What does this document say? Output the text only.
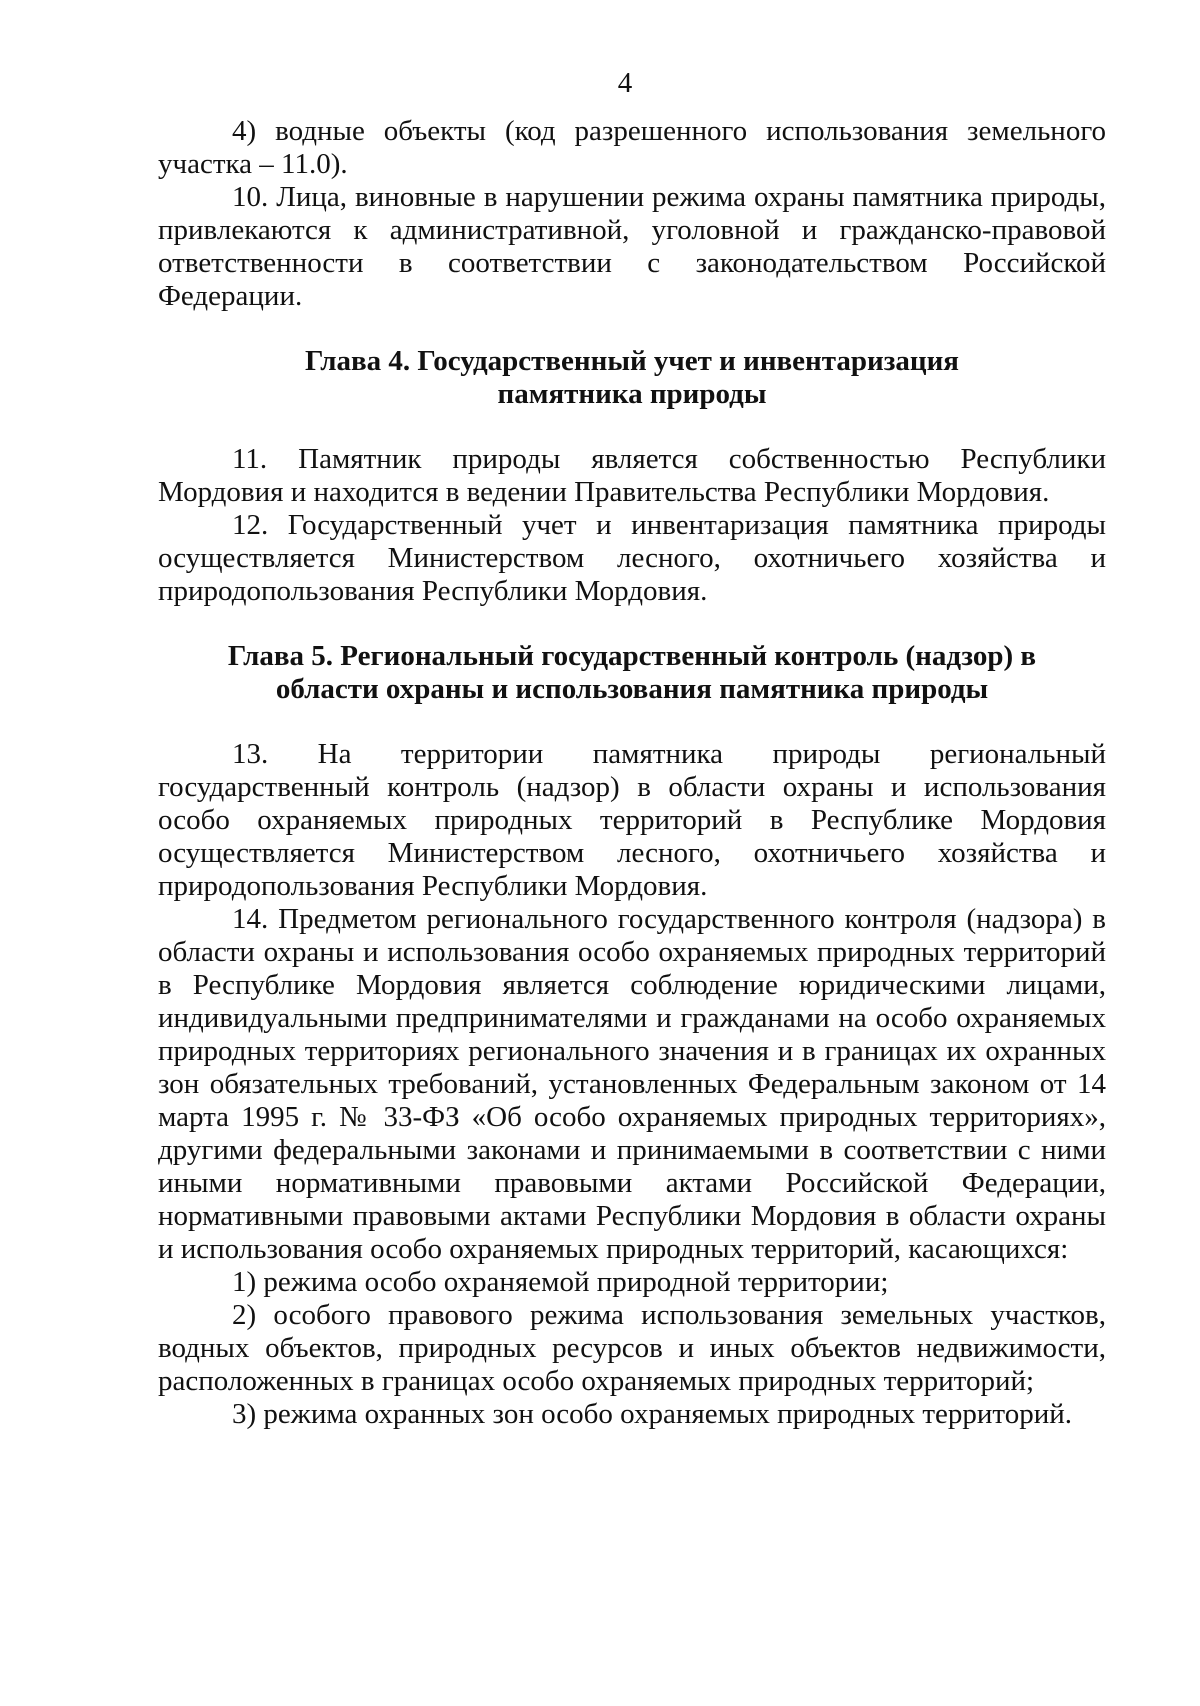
4

4) водные объекты (код разрешенного использования земельного участка – 11.0).

10. Лица, виновные в нарушении режима охраны памятника природы, привлекаются к административной, уголовной и гражданско-правовой ответственности в соответствии с законодательством Российской Федерации.

Глава 4. Государственный учет и инвентаризация
памятника природы

11. Памятник природы является собственностью Республики Мордовия и находится в ведении Правительства Республики Мордовия.

12. Государственный учет и инвентаризация памятника природы осуществляется Министерством лесного, охотничьего хозяйства и природопользования Республики Мордовия.

Глава 5. Региональный государственный контроль (надзор) в
области охраны и использования памятника природы

13. На территории памятника природы региональный государственный контроль (надзор) в области охраны и использования особо охраняемых природных территорий в Республике Мордовия осуществляется Министерством лесного, охотничьего хозяйства и природопользования Республики Мордовия.

14. Предметом регионального государственного контроля (надзора) в области охраны и использования особо охраняемых природных территорий в Республике Мордовия является соблюдение юридическими лицами, индивидуальными предпринимателями и гражданами на особо охраняемых природных территориях регионального значения и в границах их охранных зон обязательных требований, установленных Федеральным законом от 14 марта 1995 г. № 33-ФЗ «Об особо охраняемых природных территориях», другими федеральными законами и принимаемыми в соответствии с ними иными нормативными правовыми актами Российской Федерации, нормативными правовыми актами Республики Мордовия в области охраны и использования особо охраняемых природных территорий, касающихся:

1) режима особо охраняемой природной территории;

2) особого правового режима использования земельных участков, водных объектов, природных ресурсов и иных объектов недвижимости, расположенных в границах особо охраняемых природных территорий;

3) режима охранных зон особо охраняемых природных территорий.
